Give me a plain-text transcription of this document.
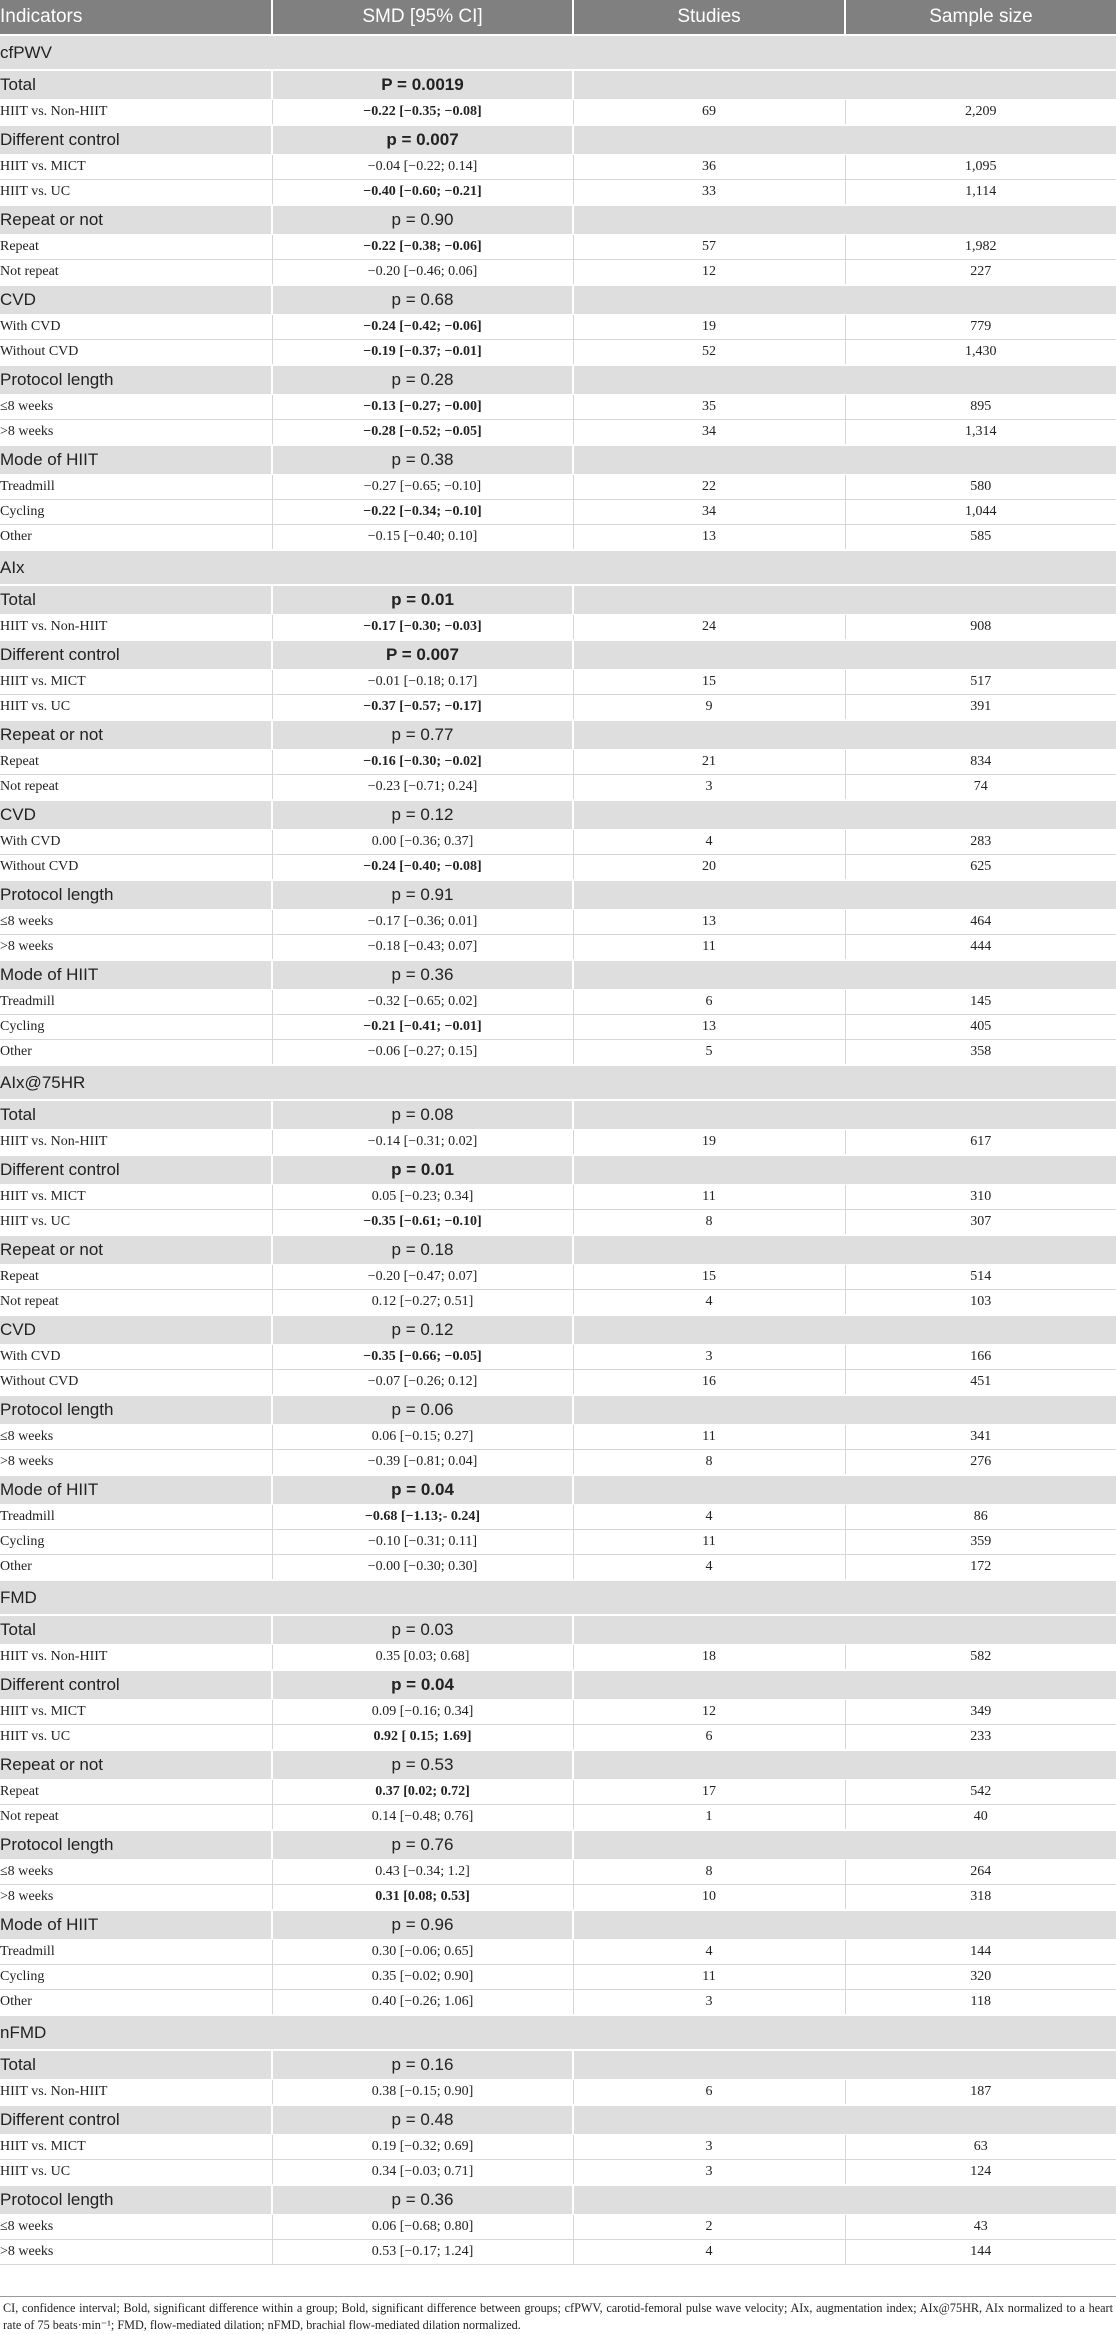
Indicators	SMD [95% CI]	Studies	Sample size
cfPWV			
Total	P = 0.0019		
HIIT vs. Non-HIIT	−0.22 [−0.35; −0.08]	69	2,209
Different control	p = 0.007		
HIIT vs. MICT	−0.04 [−0.22; 0.14]	36	1,095
HIIT vs. UC	−0.40 [−0.60; −0.21]	33	1,114
Repeat or not	p = 0.90		
Repeat	−0.22 [−0.38; −0.06]	57	1,982
Not repeat	−0.20 [−0.46; 0.06]	12	227
CVD	p = 0.68		
With CVD	−0.24 [−0.42; −0.06]	19	779
Without CVD	−0.19 [−0.37; −0.01]	52	1,430
Protocol length	p = 0.28		
≤8 weeks	−0.13 [−0.27; −0.00]	35	895
>8 weeks	−0.28 [−0.52; −0.05]	34	1,314
Mode of HIIT	p = 0.38		
Treadmill	−0.27 [−0.65; −0.10]	22	580
Cycling	−0.22 [−0.34; −0.10]	34	1,044
Other	−0.15 [−0.40; 0.10]	13	585
AIx			
Total	p = 0.01		
HIIT vs. Non-HIIT	−0.17 [−0.30; −0.03]	24	908
Different control	P = 0.007		
HIIT vs. MICT	−0.01 [−0.18; 0.17]	15	517
HIIT vs. UC	−0.37 [−0.57; −0.17]	9	391
Repeat or not	p = 0.77		
Repeat	−0.16 [−0.30; −0.02]	21	834
Not repeat	−0.23 [−0.71; 0.24]	3	74
CVD	p = 0.12		
With CVD	0.00 [−0.36; 0.37]	4	283
Without CVD	−0.24 [−0.40; −0.08]	20	625
Protocol length	p = 0.91		
≤8 weeks	−0.17 [−0.36; 0.01]	13	464
>8 weeks	−0.18 [−0.43; 0.07]	11	444
Mode of HIIT	p = 0.36		
Treadmill	−0.32 [−0.65; 0.02]	6	145
Cycling	−0.21 [−0.41; −0.01]	13	405
Other	−0.06 [−0.27; 0.15]	5	358
AIx@75HR			
Total	p = 0.08		
HIIT vs. Non-HIIT	−0.14 [−0.31; 0.02]	19	617
Different control	p = 0.01		
HIIT vs. MICT	0.05 [−0.23; 0.34]	11	310
HIIT vs. UC	−0.35 [−0.61; −0.10]	8	307
Repeat or not	p = 0.18		
Repeat	−0.20 [−0.47; 0.07]	15	514
Not repeat	0.12 [−0.27; 0.51]	4	103
CVD	p = 0.12		
With CVD	−0.35 [−0.66; −0.05]	3	166
Without CVD	−0.07 [−0.26; 0.12]	16	451
Protocol length	p = 0.06		
≤8 weeks	0.06 [−0.15; 0.27]	11	341
>8 weeks	−0.39 [−0.81; 0.04]	8	276
Mode of HIIT	p = 0.04		
Treadmill	−0.68 [−1.13;- 0.24]	4	86
Cycling	−0.10 [−0.31; 0.11]	11	359
Other	−0.00 [−0.30; 0.30]	4	172
FMD			
Total	p = 0.03		
HIIT vs. Non-HIIT	0.35 [0.03; 0.68]	18	582
Different control	p = 0.04		
HIIT vs. MICT	0.09 [−0.16; 0.34]	12	349
HIIT vs. UC	0.92 [ 0.15; 1.69]	6	233
Repeat or not	p = 0.53		
Repeat	0.37 [0.02; 0.72]	17	542
Not repeat	0.14 [−0.48; 0.76]	1	40
Protocol length	p = 0.76		
≤8 weeks	0.43 [−0.34; 1.2]	8	264
>8 weeks	0.31 [0.08; 0.53]	10	318
Mode of HIIT	p = 0.96		
Treadmill	0.30 [−0.06; 0.65]	4	144
Cycling	0.35 [−0.02; 0.90]	11	320
Other	0.40 [−0.26; 1.06]	3	118
nFMD			
Total	p = 0.16		
HIIT vs. Non-HIIT	0.38 [−0.15; 0.90]	6	187
Different control	p = 0.48		
HIIT vs. MICT	0.19 [−0.32; 0.69]	3	63
HIIT vs. UC	0.34 [−0.03; 0.71]	3	124
Protocol length	p = 0.36		
≤8 weeks	0.06 [−0.68; 0.80]	2	43
>8 weeks	0.53 [−0.17; 1.24]	4	144
CI, confidence interval; Bold, significant difference within a group; Bold, significant difference between groups; cfPWV, carotid-femoral pulse wave velocity; AIx, augmentation index; AIx@75HR, AIx normalized to a heart rate of 75 beats·min⁻¹; FMD, flow-mediated dilation; nFMD, brachial flow-mediated dilation normalized.
